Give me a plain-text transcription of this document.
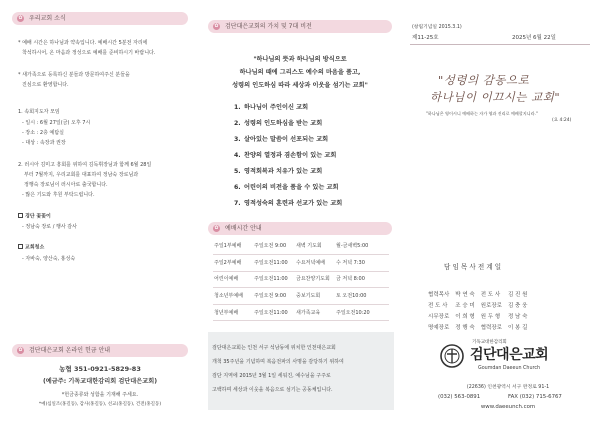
✿ 우리교회 소식
* 예배 시간은 하나님과 약속입니다. 예배시간 5분전 자리에
착석하시어, 온 마음과 정성으로 예배를 준비하시기 바랍니다.
* 새가족으로 등록하신 분들과 방문하여주신 분들을
진심으로 환영합니다.
1. 속회지도자 모임
- 일시 : 6월 27일(금) 오후 7시
- 장소 : 2층 예탐실
- 대상 : 속장과 권장
2. 러시아 김미고 흥회를 위하여 김독휘장님과 함께 6월 28일
부터 7월까지, 우리교회를 대표하여 정남숙 장로님과
정행숙 장로님이 러시아로 출국합니다.
- 많은 기도와 후원 부탁드립니다.
경단 꽃꽂이
- 정남숙 장로 / 행사 감사
교회청소
- 자바숙, 양산숙, 홍성숙
✿ 검단대은교회 온라인 헌금 안내
농협 351-0921-5829-83
(예금주: 기독교대한감리회 검단대은교회)
*헌금종류와 성함을 기재해 주세요.
*예)십일조(홍길동), 감사(홍길동), 선교(홍길동), 건전(홍길동)
✿ 검단대은교회의 가치 및 7대 비전
"하나님의 뜻과 하나님의 방식으로
하나님의 때에 그리스도 예수의 마음을 품고,
성령의 인도하심 따라 세상과 이웃을 섬기는 교회"
1. 하나님이 주인이신 교회
2. 성령의 인도하심을 받는 교회
3. 살아있는 말씀이 선포되는 교회
4. 찬양의 열정과 겸손함이 있는 교회
5. 영적회복과 치유가 있는 교회
6. 어린이의 비전을 품을 수 있는 교회
7. 영적성숙의 훈련과 선교가 있는 교회
✿ 예배시간 안내
주일1부예배	주일오전 9:00	새벽 기도회	월-금새벽5:00
주일2부예배	주일오전11:00	수요저녁예배	수 저녁 7:30
어린이예배	주일오전11:00	금요찬양기도회	금 저녁 8:00
청소년부예배	주일오전 9:00	중보기도회	토 오전10:00
청년부예배	주일오전11:00	새가족교육	주일오전10:20
검단대은교회는 인천 서구 석남동에 위치한 인천대은교회
개척 35주년을 기념하며 복음전파의 사명을 감당하기 위하여
검단 지역에 2015년 3월 1일 세워진, 예수님을 구주로
고백하며 세상과 이웃을 복음으로 섬기는 공동체입니다.
(창립기념일 2015.3.1)
제11-25호	2025년 6월 22일
"성령의 감동으로
하나님이 이끄시는 교회"
"하나님은 영이시니 예배하는 자가 영과 진리로 예배할지니라."
(요 4:24)
담 임 목 사 전 계 일
협력목사	박 연 숙	전 도 사	김 진 원
전 도 사	조 승 미	원로장로	김 충 웅
시무장로	이 희 형	원 두 형	정 남 숙
명예장로	정 행 숙	협력장로	이 봉 길
기독교대한감리회
검단대은교회
Goumdan Daeeun Church
(22636) 인천광역시 서구 완정로 91-1
(032) 563-0891	FAX (032) 715-6767
www.daeeunch.com
